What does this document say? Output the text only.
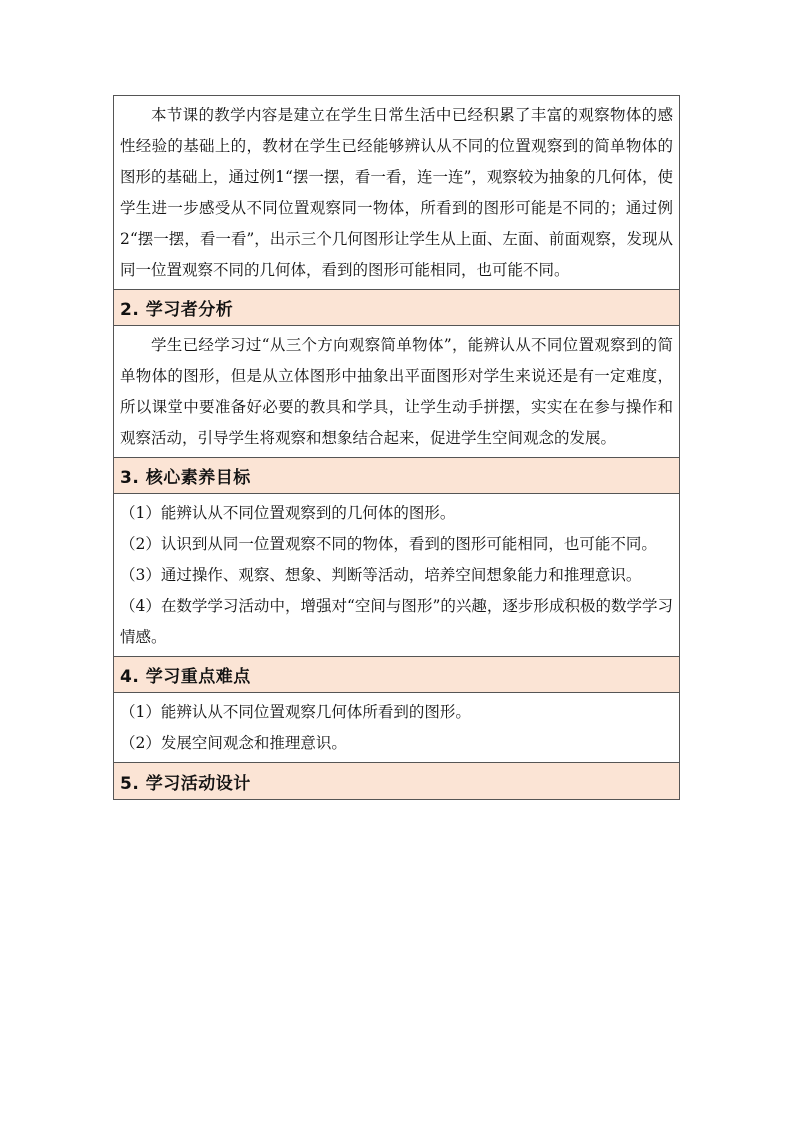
本节课的教学内容是建立在学生日常生活中已经积累了丰富的观察物体的感性经验的基础上的，教材在学生已经能够辨认从不同的位置观察到的简单物体的图形的基础上，通过例1“摆一摆，看一看，连一连”，观察较为抽象的几何体，使学生进一步感受从不同位置观察同一物体，所看到的图形可能是不同的；通过例2“摆一摆，看一看”，出示三个几何图形让学生从上面、左面、前面观察，发现从同一位置观察不同的几何体，看到的图形可能相同，也可能不同。
2. 学习者分析
学生已经学习过“从三个方向观察简单物体”，能辨认从不同位置观察到的简单物体的图形，但是从立体图形中抽象出平面图形对学生来说还是有一定难度，所以课堂中要准备好必要的教具和学具，让学生动手拼摆，实实在在参与操作和观察活动，引导学生将观察和想象结合起来，促进学生空间观念的发展。
3. 核心素养目标
（1）能辨认从不同位置观察到的几何体的图形。
（2）认识到从同一位置观察不同的物体，看到的图形可能相同，也可能不同。
（3）通过操作、观察、想象、判断等活动，培养空间想象能力和推理意识。
（4）在数学学习活动中，增强对“空间与图形”的兴趣，逐步形成积极的数学学习情感。
4. 学习重点难点
（1）能辨认从不同位置观察几何体所看到的图形。
（2）发展空间观念和推理意识。
5. 学习活动设计
